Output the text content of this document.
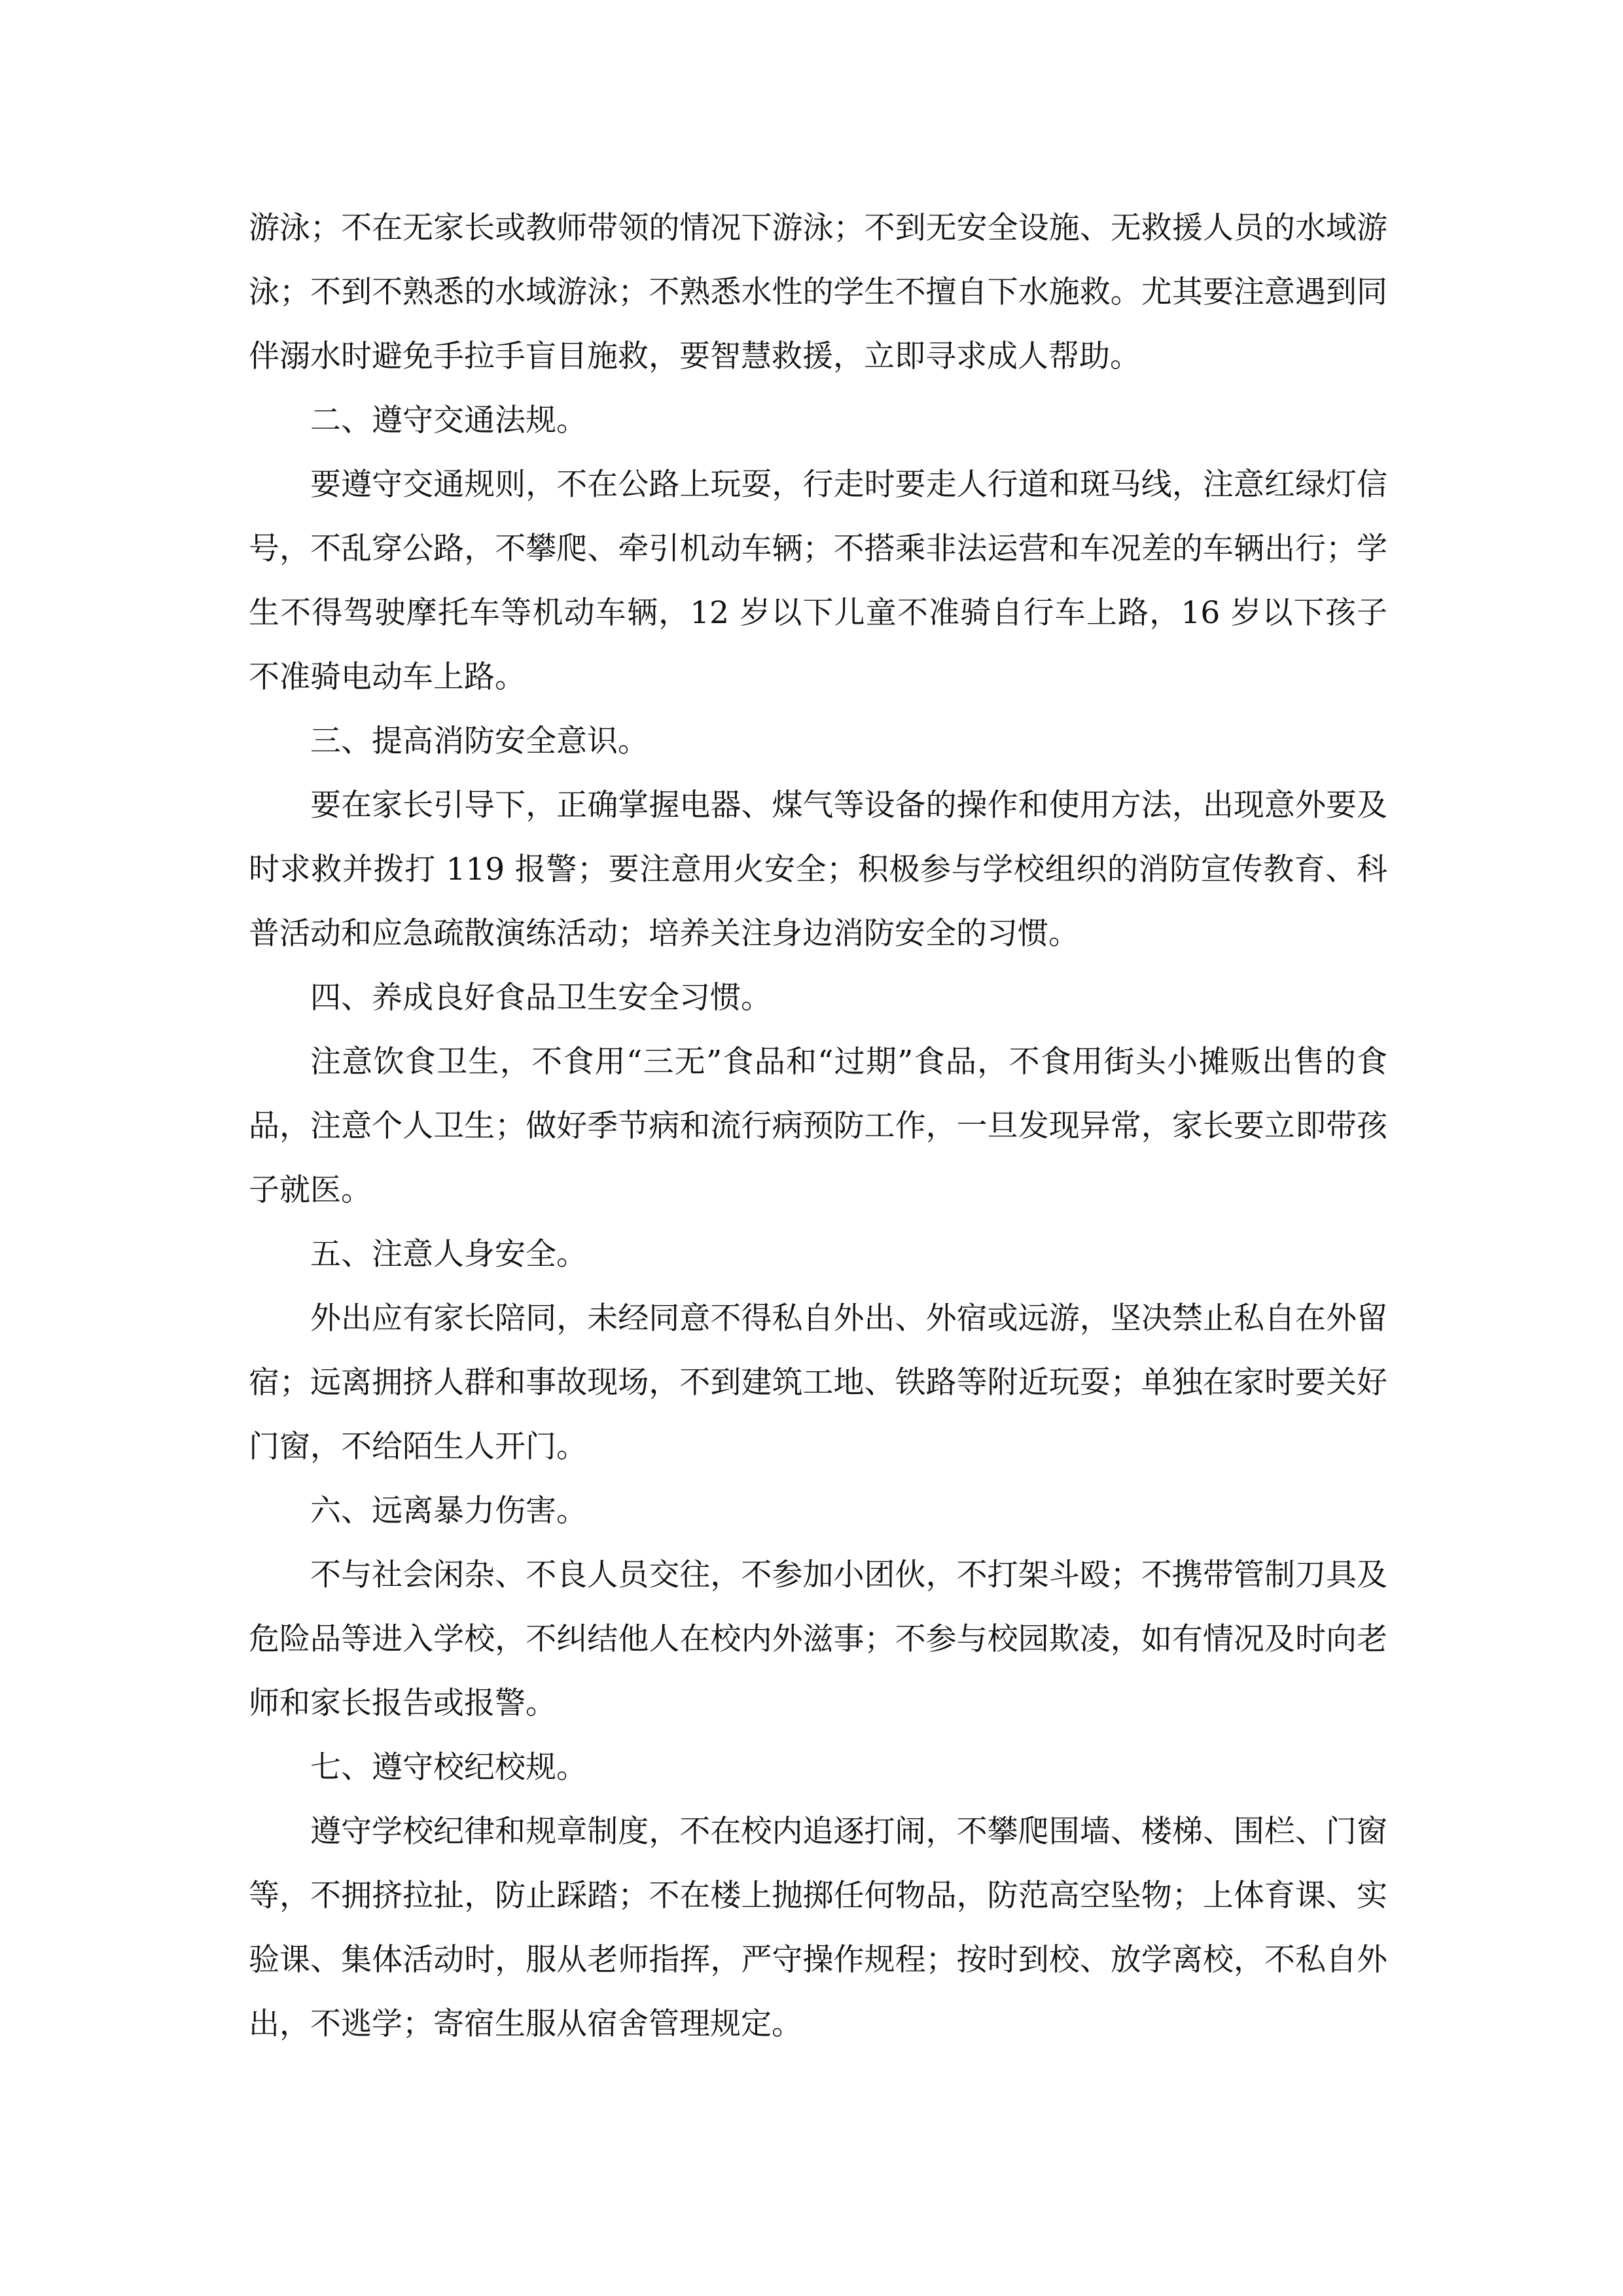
游泳；不在无家长或教师带领的情况下游泳；不到无安全设施、无救援人员的水域游泳；不到不熟悉的水域游泳；不熟悉水性的学生不擅自下水施救。尤其要注意遇到同伴溺水时避免手拉手盲目施救，要智慧救援，立即寻求成人帮助。

二、遵守交通法规。

要遵守交通规则，不在公路上玩耍，行走时要走人行道和斑马线，注意红绿灯信号，不乱穿公路，不攀爬、牵引机动车辆；不搭乘非法运营和车况差的车辆出行；学生不得驾驶摩托车等机动车辆，12 岁以下儿童不准骑自行车上路，16 岁以下孩子不准骑电动车上路。

三、提高消防安全意识。

要在家长引导下，正确掌握电器、煤气等设备的操作和使用方法，出现意外要及时求救并拨打 119 报警；要注意用火安全；积极参与学校组织的消防宣传教育、科普活动和应急疏散演练活动；培养关注身边消防安全的习惯。

四、养成良好食品卫生安全习惯。

注意饮食卫生，不食用“三无”食品和“过期”食品，不食用街头小摊贩出售的食品，注意个人卫生；做好季节病和流行病预防工作，一旦发现异常，家长要立即带孩子就医。

五、注意人身安全。

外出应有家长陪同，未经同意不得私自外出、外宿或远游，坚决禁止私自在外留宿；远离拥挤人群和事故现场，不到建筑工地、铁路等附近玩耍；单独在家时要关好门窗，不给陌生人开门。

六、远离暴力伤害。

不与社会闲杂、不良人员交往，不参加小团伙，不打架斗殴；不携带管制刀具及危险品等进入学校，不纠结他人在校内外滋事；不参与校园欺凌，如有情况及时向老师和家长报告或报警。

七、遵守校纪校规。

遵守学校纪律和规章制度，不在校内追逐打闹，不攀爬围墙、楼梯、围栏、门窗等，不拥挤拉扯，防止踩踏；不在楼上抛掷任何物品，防范高空坠物；上体育课、实验课、集体活动时，服从老师指挥，严守操作规程；按时到校、放学离校，不私自外出，不逃学；寄宿生服从宿舍管理规定。
